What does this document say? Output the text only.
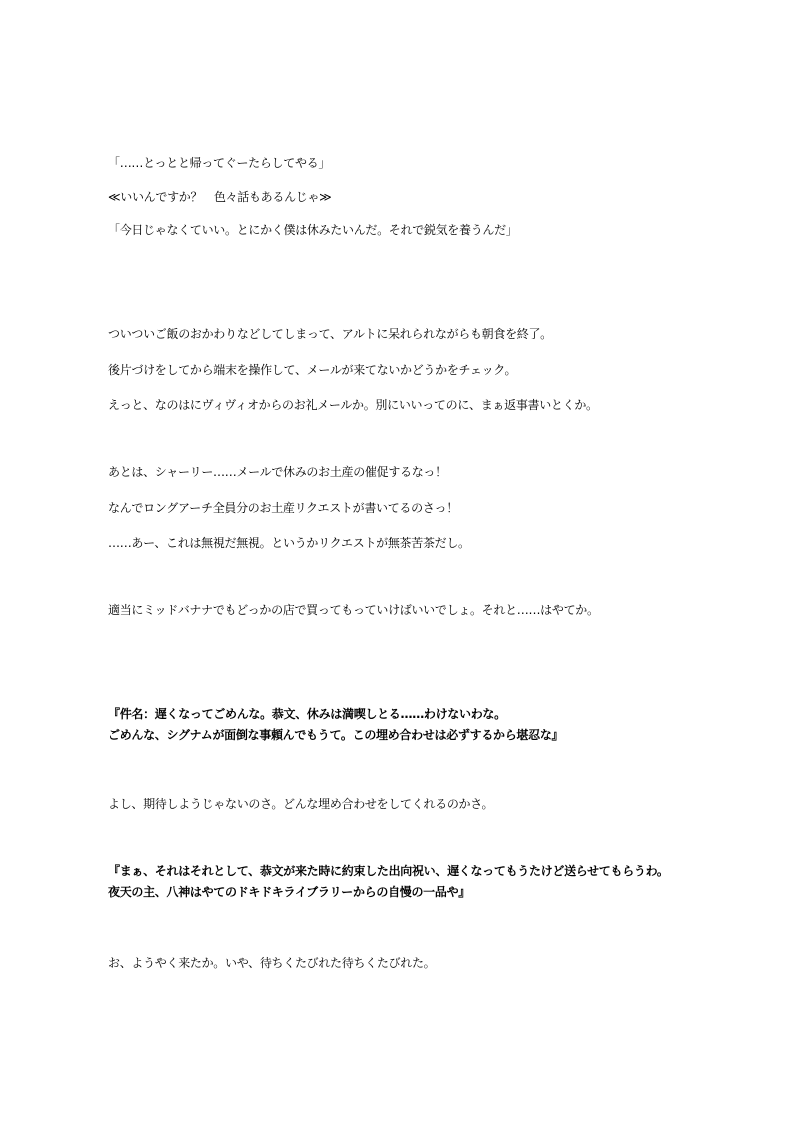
「……とっとと帰ってぐーたらしてやる」
≪いいんですか？　色々話もあるんじゃ≫
「今日じゃなくていい。とにかく僕は休みたいんだ。それで鋭気を養うんだ」
ついついご飯のおかわりなどしてしまって、アルトに呆れられながらも朝食を終了。
後片づけをしてから端末を操作して、メールが来てないかどうかをチェック。
えっと、なのはにヴィヴィオからのお礼メールか。別にいいってのに、まぁ返事書いとくか。
あとは、シャーリー……メールで休みのお土産の催促するなっ！
なんでロングアーチ全員分のお土産リクエストが書いてるのさっ！
……あー、これは無視だ無視。というかリクエストが無茶苦茶だし。
適当にミッドバナナでもどっかの店で買ってもっていけばいいでしょ。それと……はやてか。
『件名：遅くなってごめんな。恭文、休みは満喫しとる……わけないわな。
ごめんな、シグナムが面倒な事頼んでもうて。この埋め合わせは必ずするから堪忍な』
よし、期待しようじゃないのさ。どんな埋め合わせをしてくれるのかさ。
『まぁ、それはそれとして、恭文が来た時に約束した出向祝い、遅くなってもうたけど送らせてもらうわ。
夜天の主、八神はやてのドキドキライブラリーからの自慢の一品や』
お、ようやく来たか。いや、待ちくたびれた待ちくたびれた。
